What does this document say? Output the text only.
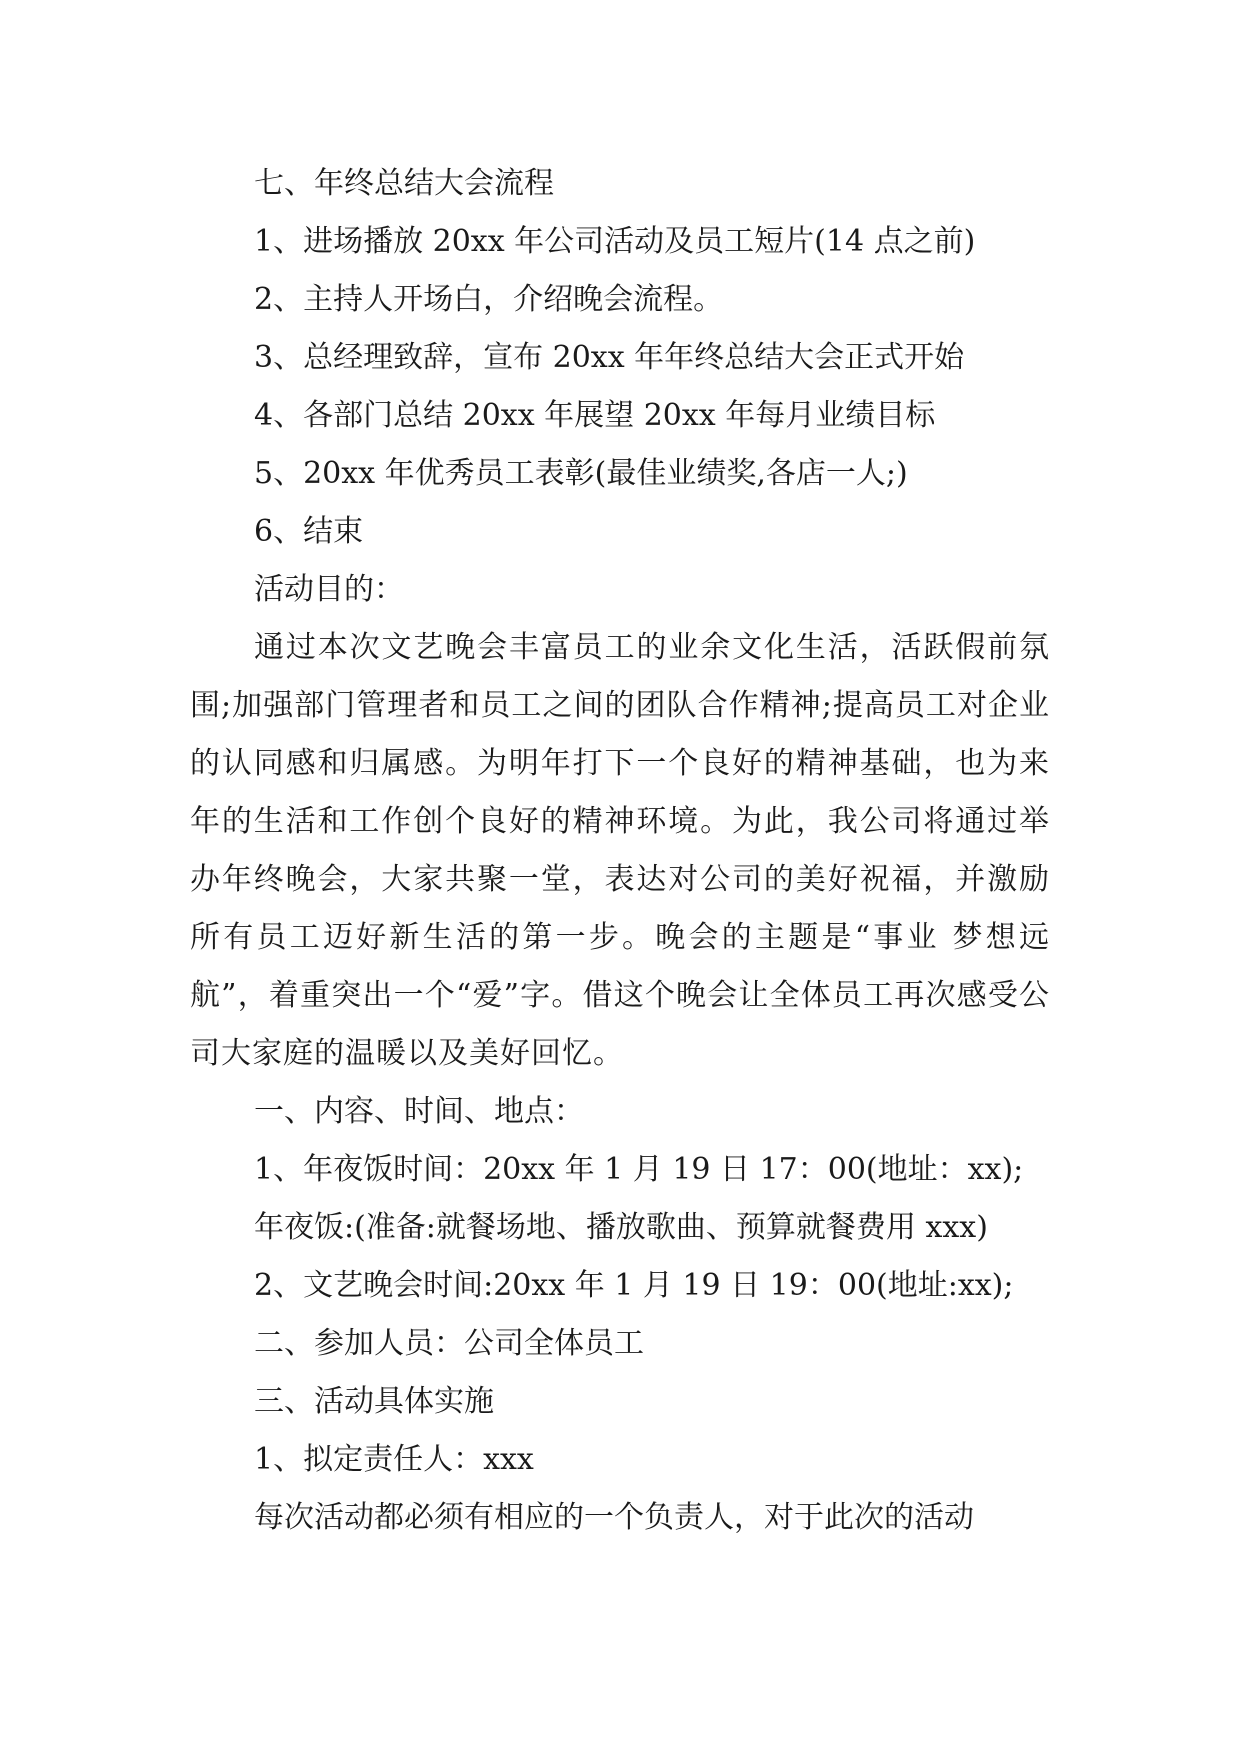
七、年终总结大会流程
1、进场播放 20xx 年公司活动及员工短片(14 点之前)
2、主持人开场白，介绍晚会流程。
3、总经理致辞，宣布 20xx 年年终总结大会正式开始
4、各部门总结 20xx 年展望 20xx 年每月业绩目标
5、20xx 年优秀员工表彰(最佳业绩奖,各店一人;)
6、结束
活动目的：

通过本次文艺晚会丰富员工的业余文化生活，活跃假前氛围;加强部门管理者和员工之间的团队合作精神;提高员工对企业的认同感和归属感。为明年打下一个良好的精神基础，也为来年的生活和工作创个良好的精神环境。为此，我公司将通过举办年终晚会，大家共聚一堂，表达对公司的美好祝福，并激励所有员工迈好新生活的第一步。晚会的主题是“事业 梦想远航”，着重突出一个“爱”字。借这个晚会让全体员工再次感受公司大家庭的温暖以及美好回忆。

一、内容、时间、地点：
1、年夜饭时间：20xx 年 1 月 19 日 17：00(地址：xx);
年夜饭:(准备:就餐场地、播放歌曲、预算就餐费用 xxx)
2、文艺晚会时间:20xx 年 1 月 19 日 19：00(地址:xx);
二、参加人员：公司全体员工
三、活动具体实施
1、拟定责任人：xxx
每次活动都必须有相应的一个负责人，对于此次的活动
